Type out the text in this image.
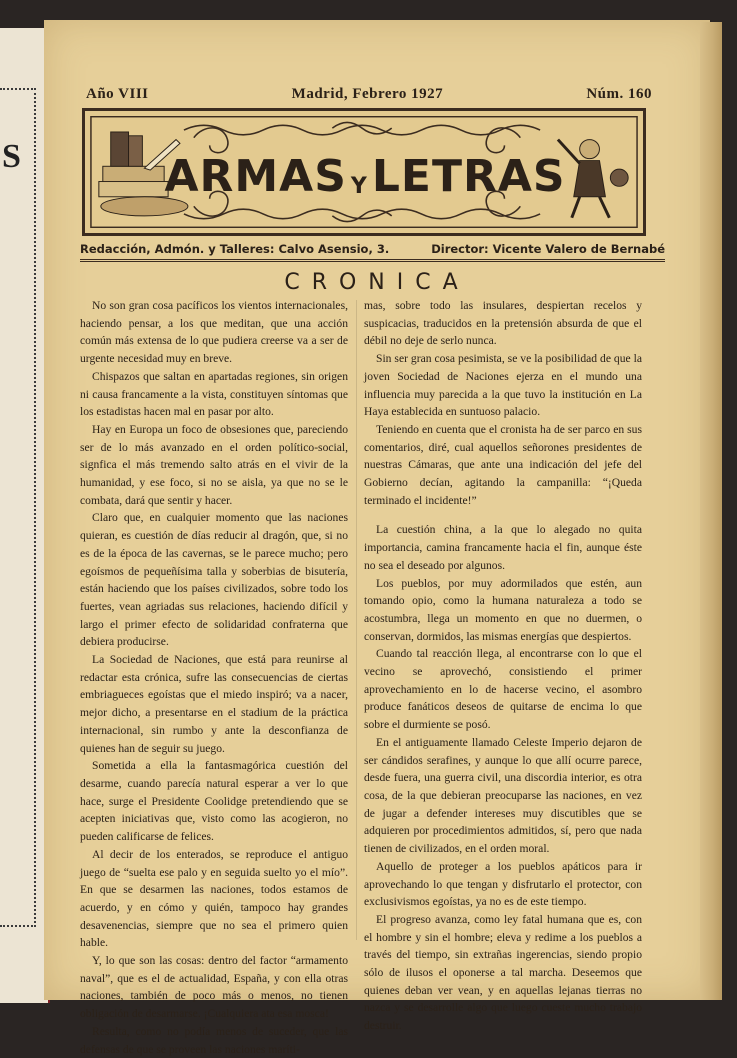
S
Año VIII	Madrid, Febrero 1927	Núm. 160
ARMAS Y LETRAS
Redacción, Admón. y Talleres: Calvo Asensio, 3.	Director: Vicente Valero de Bernabé
CRONICA

No son gran cosa pacíficos los vientos internacionales, haciendo pensar, a los que meditan, que una acción común más extensa de lo que pudiera creerse va a ser de urgente necesidad muy en breve.

Chispazos que saltan en apartadas regiones, sin origen ni causa francamente a la vista, constituyen síntomas que los estadistas hacen mal en pasar por alto.

Hay en Europa un foco de obsesiones que, pareciendo ser de lo más avanzado en el orden político-social, signfica el más tremendo salto atrás en el vivir de la humanidad, y ese foco, si no se aisla, ya que no se le combata, dará que sentir y hacer.

Claro que, en cualquier momento que las naciones quieran, es cuestión de días reducir al dragón, que, si no es de la época de las cavernas, se le parece mucho; pero egoísmos de pequeñísima talla y soberbias de bisutería, están haciendo que los países civilizados, sobre todo los fuertes, vean agriadas sus relaciones, haciendo difícil y largo el primer efecto de solidaridad confraterna que debiera producirse.

La Sociedad de Naciones, que está para reunirse al redactar esta crónica, sufre las consecuencias de ciertas embriagueces egoístas que el miedo inspiró; va a nacer, mejor dicho, a presentarse en el stadium de la práctica internacional, sin rumbo y ante la desconfianza de quienes han de seguir su juego.

Sometida a ella la fantasmagórica cuestión del desarme, cuando parecía natural esperar a ver lo que hace, surge el Presidente Coolidge pretendiendo que se acepten iniciativas que, visto como las acogieron, no pueden calificarse de felices.

Al decir de los enterados, se reproduce el antiguo juego de “suelta ese palo y en seguida suelto yo el mío”. En que se desarmen las naciones, todos estamos de acuerdo, y en cómo y quién, tampoco hay grandes desavenencias, siempre que no sea el primero quien hable.

Y, lo que son las cosas: dentro del factor “armamento naval”, que es el de actualidad, España, y con ella otras naciones, también de poco más o menos, no tienen obligación de desarmarse. ¡Cualquiera ata esa mosca!

Resulta, como no podía menos de suceder, que las defensas de que se proveen las naciones maríti-

mas, sobre todo las insulares, despiertan recelos y suspicacias, traducidos en la pretensión absurda de que el débil no deje de serlo nunca.

Sin ser gran cosa pesimista, se ve la posibilidad de que la joven Sociedad de Naciones ejerza en el mundo una influencia muy parecida a la que tuvo la institución en La Haya establecida en suntuoso palacio.

Teniendo en cuenta que el cronista ha de ser parco en sus comentarios, diré, cual aquellos señorones presidentes de nuestras Cámaras, que ante una indicación del jefe del Gobierno decían, agitando la campanilla: “¡Queda terminado el incidente!”

La cuestión china, a la que lo alegado no quita importancia, camina francamente hacia el fin, aunque éste no sea el deseado por algunos.

Los pueblos, por muy adormilados que estén, aun tomando opio, como la humana naturaleza a todo se acostumbra, llega un momento en que no duermen, o conservan, dormidos, las mismas energías que despiertos.

Cuando tal reacción llega, al encontrarse con lo que el vecino se aprovechó, consistiendo el primer aprovechamiento en lo de hacerse vecino, el asombro produce fanáticos deseos de quitarse de encima lo que sobre el durmiente se posó.

En el antiguamente llamado Celeste Imperio dejaron de ser cándidos serafines, y aunque lo que allí ocurre parece, desde fuera, una guerra civil, una discordia interior, es otra cosa, de la que debieran preocuparse las naciones, en vez de jugar a defender intereses muy discutibles que se adquieren por procedimientos admitidos, sí, pero que nada tienen de civilizados, en el orden moral.

Aquello de proteger a los pueblos apáticos para ir aprovechando lo que tengan y disfrutarlo el protector, con exclusivismos egoístas, ya no es de este tiempo.

El progreso avanza, como ley fatal humana que es, con el hombre y sin el hombre; eleva y redime a los pueblos a través del tiempo, sin extrañas ingerencias, siendo propio sólo de ilusos el oponerse a tal marcha. Deseemos que quienes deban ver vean, y en aquellas lejanas tierras no nazca y se desarrolle algo que luego cueste mucho trabajo destruir.
